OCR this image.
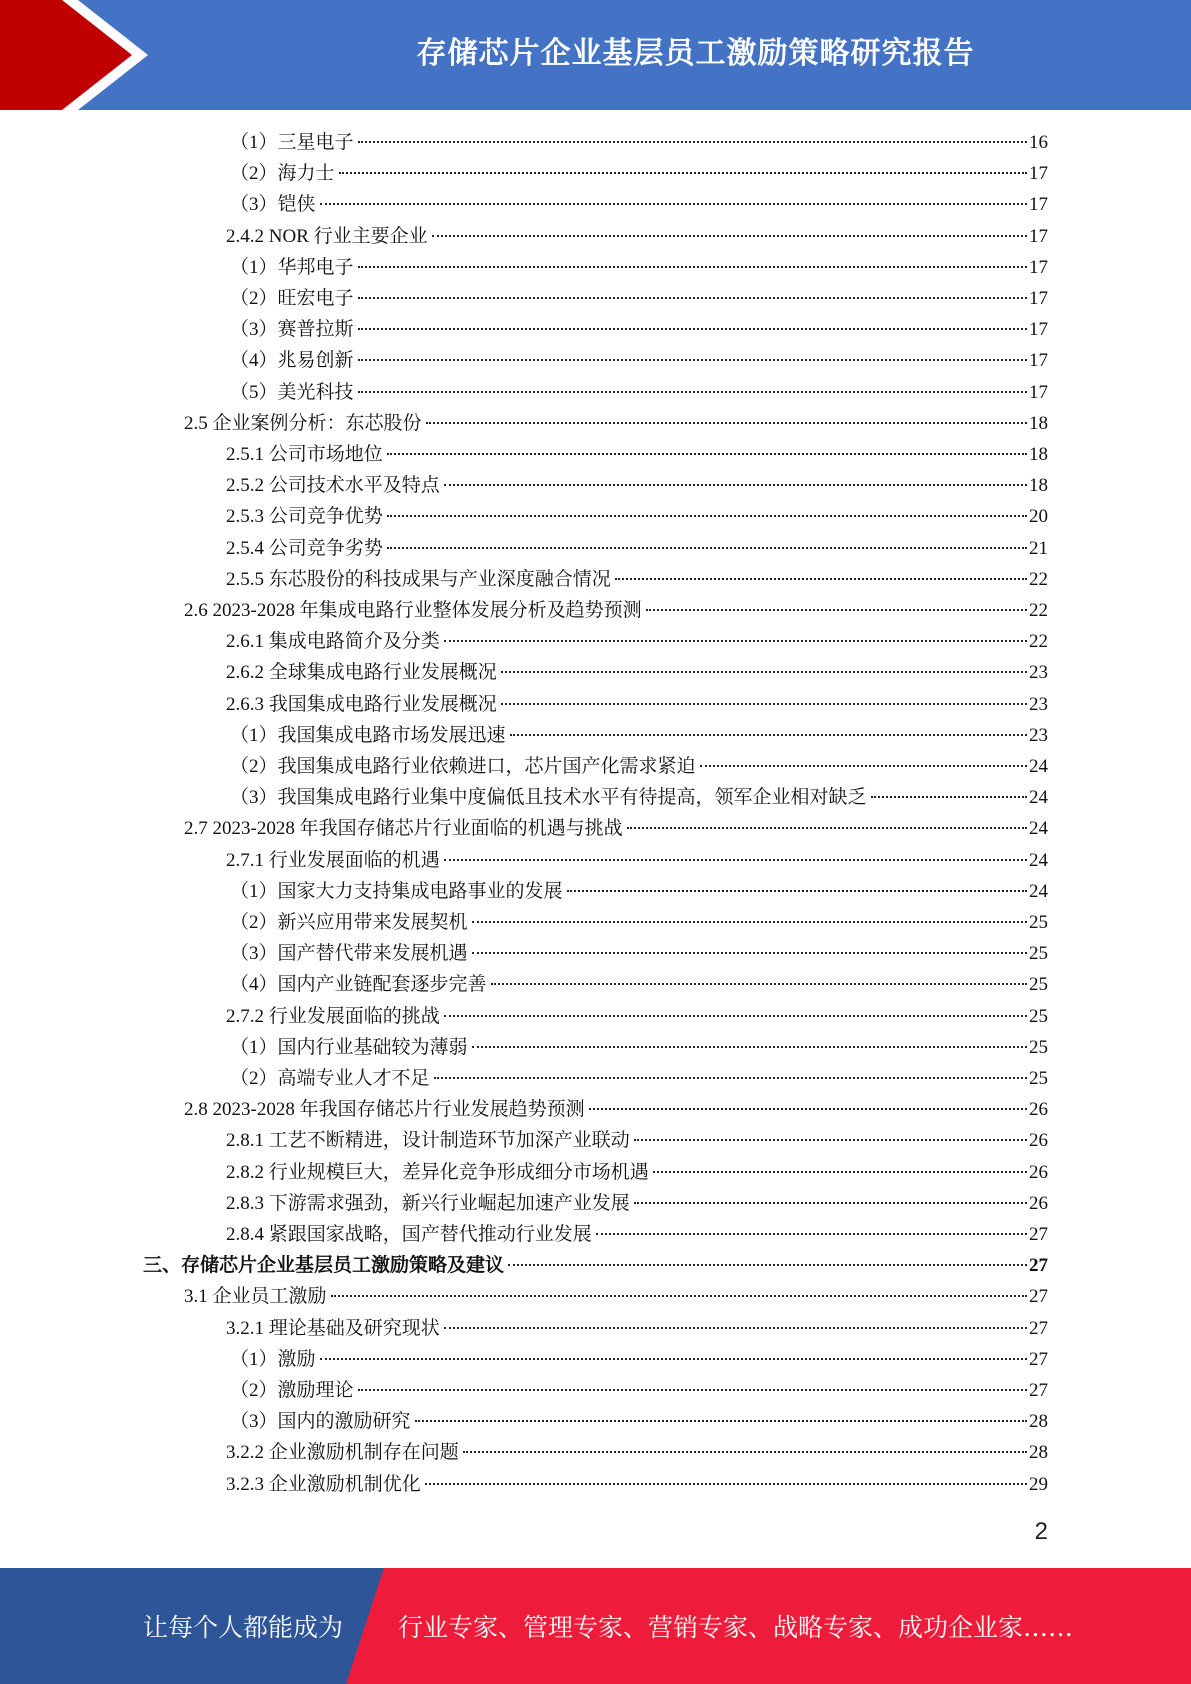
存储芯片企业基层员工激励策略研究报告
（1）三星电子	16
（2）海力士	17
（3）铠侠	17
2.4.2 NOR 行业主要企业	17
（1）华邦电子	17
（2）旺宏电子	17
（3）赛普拉斯	17
（4）兆易创新	17
（5）美光科技	17
2.5 企业案例分析：东芯股份	18
2.5.1 公司市场地位	18
2.5.2 公司技术水平及特点	18
2.5.3 公司竞争优势	20
2.5.4 公司竞争劣势	21
2.5.5 东芯股份的科技成果与产业深度融合情况	22
2.6 2023-2028 年集成电路行业整体发展分析及趋势预测	22
2.6.1 集成电路简介及分类	22
2.6.2 全球集成电路行业发展概况	23
2.6.3 我国集成电路行业发展概况	23
（1）我国集成电路市场发展迅速	23
（2）我国集成电路行业依赖进口，芯片国产化需求紧迫	24
（3）我国集成电路行业集中度偏低且技术水平有待提高，领军企业相对缺乏	24
2.7 2023-2028 年我国存储芯片行业面临的机遇与挑战	24
2.7.1 行业发展面临的机遇	24
（1）国家大力支持集成电路事业的发展	24
（2）新兴应用带来发展契机	25
（3）国产替代带来发展机遇	25
（4）国内产业链配套逐步完善	25
2.7.2 行业发展面临的挑战	25
（1）国内行业基础较为薄弱	25
（2）高端专业人才不足	25
2.8 2023-2028 年我国存储芯片行业发展趋势预测	26
2.8.1 工艺不断精进，设计制造环节加深产业联动	26
2.8.2 行业规模巨大，差异化竞争形成细分市场机遇	26
2.8.3 下游需求强劲，新兴行业崛起加速产业发展	26
2.8.4 紧跟国家战略，国产替代推动行业发展	27
三、存储芯片企业基层员工激励策略及建议	27
3.1 企业员工激励	27
3.2.1 理论基础及研究现状	27
（1）激励	27
（2）激励理论	27
（3）国内的激励研究	28
3.2.2 企业激励机制存在问题	28
3.2.3 企业激励机制优化	29
2
让每个人都能成为 行业专家、管理专家、营销专家、战略专家、成功企业家……
